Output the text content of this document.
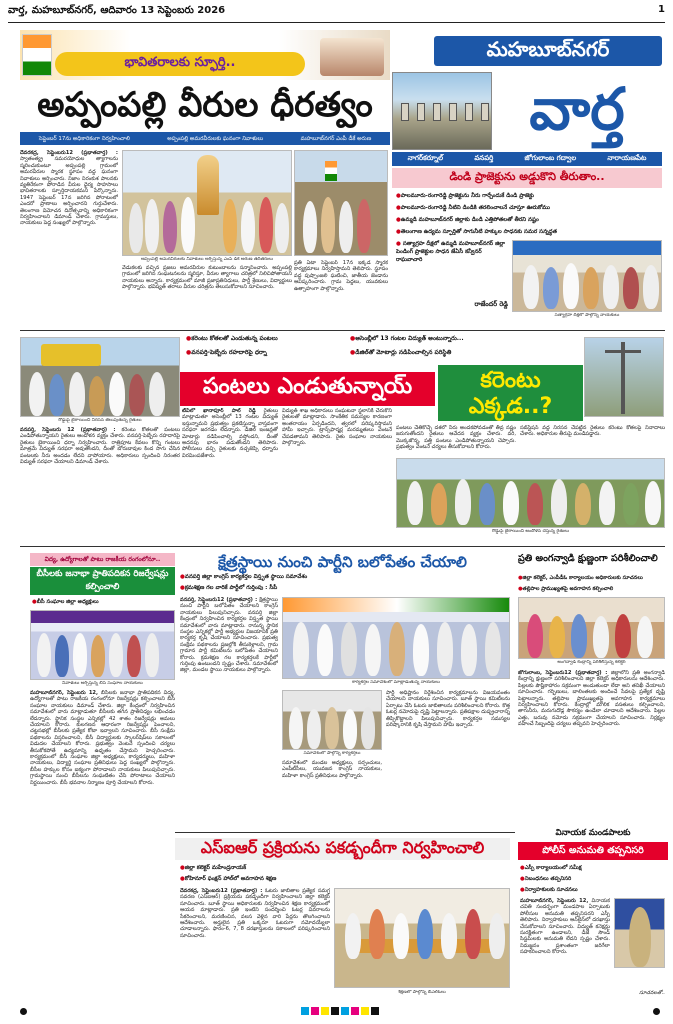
వార్త, మహబూబ్‌నగర్, ఆదివారం 13 సెప్టెంబరు 2026	1
భావితరాలకు స్ఫూర్తి..
అప్పంపల్లి వీరుల ధీరత్వం
సెప్టెంబర్ 17ను అధికారికంగా నిర్వహించాలి	అప్పంపల్లి అమరవీరులకు ఘనంగా నివాళులు	మహబూబ్‌నగర్ ఎంపీ డీకే అరుణ
మహబూబ్‌నగర్
వార్త
నాగర్‌కర్నూల్	వనపర్తి	జోగులాంబ గద్వాల	నారాయణపేట

దేవరకద్ర, సెప్టెంబరు12 (ప్రభాతవార్త) : స్వాతంత్య్ర సమరయోధుల త్యాగాలను స్మరించుకుంటూ అప్పంపల్లి గ్రామంలో అమరవీరుల స్మారక స్థూపం వద్ద ఘనంగా నివాళులు అర్పించారు. నిజాం నిరంకుశ పాలనకు వ్యతిరేకంగా పోరాడిన వీరుల ధైర్య సాహసాలు భావితరాలకు స్ఫూర్తిదాయకమని పేర్కొన్నారు. 1947 సెప్టెంబర్ 17న జరిగిన పోరాటంలో ఎందరో ప్రాణాలు అర్పించారని గుర్తుచేశారు. తెలంగాణ విమోచన దినోత్సవాన్ని అధికారికంగా నిర్వహించాలని డిమాండ్ చేశారు. గ్రామస్తులు, నాయకులు పెద్ద సంఖ్యలో పాల్గొన్నారు.

అప్పంపల్లి అమరవీరులకు నివాళులు అర్పిస్తున్న ఎంపీ డీకే అరుణ తదితరులు

వేడుకలకు వచ్చిన ప్రజలు అమరవీరుల కుటుంబాలను సన్మానించారు. అప్పంపల్లి గ్రామంలో జరిగిన సంఘటనలను స్మరిస్తూ, వీరుల త్యాగాలు చరిత్రలో నిలిచిపోతాయని నాయకులు అన్నారు. కార్యక్రమంలో మాజీ ప్రజాప్రతినిధులు, పార్టీ శ్రేణులు, విద్యార్థులు పాల్గొన్నారు. భవిష్యత్ తరాలు వీరుల చరిత్రను తెలుసుకోవాలని సూచించారు.

ప్రతి ఏటా సెప్టెంబర్ 17న ఇక్కడ స్మారక కార్యక్రమాలు నిర్వహిస్తామని తెలిపారు. స్థూపం వద్ద పుష్పాంజలి ఘటించి, జాతీయ జెండాను ఆవిష్కరించారు. గ్రామ పెద్దలు, యువకులు ఉత్సాహంగా పాల్గొన్నారు.

డిండి ప్రాజెక్టును అడ్డుకొని తీరుతాం..
● పాలమూరు-రంగారెడ్డి ప్రాజెక్టును నీరు గార్చేందుకే డిండి ప్రాజెక్టు
● పాలమూరు-రంగారెడ్డి నీటిని డిండికి తరలించాలనే చూస్తూ ఊరుకోము
● ఉమ్మడి మహబూబ్‌నగర్ జిల్లాకు డిండి ఎత్తిపోతలతో తీరని నష్టం
● తెలంగాణ ఉద్యమ స్ఫూర్తితో సాగునీటి హక్కుల సాధనకు సమర సన్నద్ధత
● సత్యాగ్రహ దీక్షలో ఉమ్మడి మహబూబ్‌నగర్ జిల్లా పెండింగ్ ప్రాజెక్టుల సాధన జేఏసీ కన్వీనర్ రాఘవాచారి
రాజేందర్ రెడ్డి
సత్యాగ్రహ దీక్షలో పాల్గొన్న నాయకులు
● కరెంటు కోతలతో ఎండుతున్న పంటలు
● వనపర్తి-పెబ్బేరు రహదారిపై ధర్నా
● అసెంబ్లీలో 13 గంటల విద్యుత్ అంటున్నారు...
● డీజిల్‌తో మోటార్లు నడిపించాల్సిన పరిస్థితి
రోడ్డుపై బైఠాయించి నిరసన తెలుపుతున్న రైతులు
పంటలు ఎండుతున్నాయ్	కరెంటు ఎక్కడ..?

వనపర్తి, సెప్టెంబరు 12 (ప్రభాతవార్త) : కరెంటు కోతలతో పంటలు ఎండిపోతున్నాయని రైతులు ఆందోళన వ్యక్తం చేశారు. వనపర్తి-పెబ్బేరు రహదారిపై రైతులు బైఠాయించి ధర్నా నిర్వహించారు. రాత్రిపూట కేవలం కొన్ని గంటలు మాత్రమే విద్యుత్ సరఫరా అవుతోందని, దీంతో బోరుబావుల కింద సాగు చేసిన పంటలకు నీరు అందడం లేదని వాపోయారు. అధికారులు స్పందించి నిరంతర విద్యుత్ సరఫరా చేయాలని డిమాండ్ చేశారు.

టీవీలో ఖానాపూర్ పాల్ రెడ్డి రైతులు మాట్లాడుతూ అసెంబ్లీలో 13 గంటల విద్యుత్ ఇస్తున్నామని ప్రభుత్వం ప్రకటిస్తున్నా వాస్తవంగా సరఫరా జరగడం లేదన్నారు. డీజిల్ ఇంజన్లతో మోటార్లు నడిపించాల్సి వస్తోందని, దీంతో అదనపు భారం పడుతోందని తెలిపారు. పోలీసులు వచ్చి రైతులకు నచ్చజెప్పి ధర్నాను విరమింపజేశారు.

విద్యుత్ శాఖ అధికారులు సంఘటనా స్థలానికి చేరుకొని రైతులతో మాట్లాడారు. సాంకేతిక సమస్యల కారణంగా అంతరాయం ఏర్పడిందని, త్వరలో పరిష్కరిస్తామని హామీ ఇచ్చారు. ట్రాన్స్‌ఫార్మర్ల మరమ్మతులు వెంటనే చేపడతామని తెలిపారు. రైతు సంఘాల నాయకులు పాల్గొన్నారు.

పంటలు చేతికొచ్చే దశలో నీరు అందకపోవడంతో తీవ్ర నష్టం జరుగుతోందని రైతులు ఆవేదన వ్యక్తం చేశారు. వరి, మొక్కజొన్న, పత్తి పంటలు ఎండిపోతున్నాయని చెప్పారు. ప్రభుత్వం వెంటనే చర్యలు తీసుకోవాలని కోరారు.

సబ్‌స్టేషన్ వద్ద నిరసన చేపట్టిన రైతులు కరెంటు కోతలపై నినాదాలు చేశారు. అధికారుల తీరుపై మండిపడ్డారు.

రోడ్డుపై బైఠాయించి ఆందోళన చేస్తున్న రైతులు
విద్య, ఉద్యోగాలతో పాటు రాజకీయ రంగంలోనూ..
బీసీలకు జనాభా ప్రాతిపదికన రిజర్వేషన్లు కల్పించాలి
● బీసీ సంఘాల జిల్లా అధ్యక్షులు
నివాళులు అర్పిస్తున్న బీసీ సంఘాల నాయకులు

మహబూబ్‌నగర్, సెప్టెంబరు 12, బీసీలకు జనాభా ప్రాతిపదికన విద్య, ఉద్యోగాలతో పాటు రాజకీయ రంగంలోనూ రిజర్వేషన్లు కల్పించాలని బీసీ సంఘాల నాయకులు డిమాండ్ చేశారు. జిల్లా కేంద్రంలో నిర్వహించిన సమావేశంలో వారు మాట్లాడుతూ బీసీలకు తగిన ప్రాతినిధ్యం లభించడం లేదన్నారు. స్థానిక సంస్థల ఎన్నికల్లో 42 శాతం రిజర్వేషన్లు అమలు చేయాలని కోరారు. కులగణన ఆధారంగా రిజర్వేషన్లు పెంచాలని, చట్టసభల్లో బీసీలకు ప్రత్యేక కోటా ఇవ్వాలని సూచించారు. బీసీ సంక్షేమ పథకాలను విస్తరించాలని, బీసీ విద్యార్థులకు స్కాలర్‌షిప్‌లు సకాలంలో విడుదల చేయాలని కోరారు. ప్రభుత్వం వెంటనే స్పందించి చర్యలు తీసుకోకపోతే ఉద్యమాన్ని ఉధృతం చేస్తామని హెచ్చరించారు. కార్యక్రమంలో బీసీ సంఘాల జిల్లా అధ్యక్షులు, కార్యదర్శులు, మహిళా నాయకులు, విద్యార్థి సంఘాల ప్రతినిధులు పెద్ద సంఖ్యలో పాల్గొన్నారు. బీసీల హక్కుల కోసం ఐక్యంగా పోరాడాలని నాయకులు పిలుపునిచ్చారు. గ్రామస్థాయి నుంచి బీసీలను సంఘటితం చేసి పోరాటాలు చేయాలని నిర్ణయించారు. బీసీ భవనాల నిర్మాణం పూర్తి చేయాలని కోరారు.

క్షేత్రస్థాయి నుంచి పార్టీని బలోపేతం చేయాలి
● వనపర్తి జిల్లా కాంగ్రెస్ కార్యకర్తల విస్తృత స్థాయి సమావేశం
● క్రమశిక్షణ గల వారికే పార్టీలో గుర్తింపు : సీపీ

వనపర్తి, సెప్టెంబరు12 (ప్రభాతవార్త) : క్షేత్రస్థాయి నుంచి పార్టీని బలోపేతం చేయాలని కాంగ్రెస్ నాయకులు పిలుపునిచ్చారు. వనపర్తి జిల్లా కేంద్రంలో నిర్వహించిన కార్యకర్తల విస్తృత స్థాయి సమావేశంలో వారు మాట్లాడారు. రానున్న స్థానిక సంస్థల ఎన్నికల్లో పార్టీ అభ్యర్థుల విజయానికి ప్రతి కార్యకర్త కృషి చేయాలని సూచించారు. ప్రభుత్వ సంక్షేమ పథకాలను ప్రజల్లోకి తీసుకెళ్లాలని, గ్రామ గ్రామాన పార్టీ కమిటీలను బలోపేతం చేయాలని కోరారు. క్రమశిక్షణ గల కార్యకర్తలకే పార్టీలో గుర్తింపు ఉంటుందని స్పష్టం చేశారు. సమావేశంలో జిల్లా, మండల స్థాయి నాయకులు పాల్గొన్నారు.

కార్యకర్తల సమావేశంలో మాట్లాడుతున్న నాయకులు
సమావేశంలో పాల్గొన్న కార్యకర్తలు

పార్టీ అధిష్టానం నిర్దేశించిన కార్యక్రమాలను విజయవంతం చేయాలని నాయకులు సూచించారు. బూత్ స్థాయి కమిటీలను ఏర్పాటు చేసి ఓటరు జాబితాలను పరిశీలించాలని కోరారు. కొత్త ఓటర్ల నమోదుపై దృష్టి పెట్టాలన్నారు. ప్రతిపక్షాల దుష్ప్రచారాన్ని తిప్పికొట్టాలని పిలుపునిచ్చారు. కార్యకర్తల సమస్యల పరిష్కారానికి కృషి చేస్తామని హామీ ఇచ్చారు.

సమావేశంలో మండల అధ్యక్షులు, సర్పంచులు, ఎంపీటీసీలు, యువజన కాంగ్రెస్ నాయకులు, మహిళా కాంగ్రెస్ ప్రతినిధులు పాల్గొన్నారు.

ప్రతి అంగన్వాడి క్షుణ్ణంగా పరిశీలించాలి
● జిల్లా కలెక్టర్, ఎంపీడీఓ కార్యాలయం అధికారులకు సూచనలు
● తల్లిపాల ప్రాముఖ్యతపై అవగాహన కల్పించాలి
అంగన్వాడీ కేంద్రాన్ని పరిశీలిస్తున్న కలెక్టర్

జోగులాంబ, సెప్టెంబరు12 (ప్రభాతవార్త) : జిల్లాలోని ప్రతి అంగన్వాడీ కేంద్రాన్ని క్షుణ్ణంగా పరిశీలించాలని జిల్లా కలెక్టర్ అధికారులను ఆదేశించారు. పిల్లలకు పౌష్టికాహారం సక్రమంగా అందుతుందా లేదా అని తనిఖీ చేయాలని సూచించారు. గర్భిణులు, బాలింతలకు అందించే సేవలపై ప్రత్యేక దృష్టి పెట్టాలన్నారు. తల్లిపాల ప్రాముఖ్యతపై అవగాహన కార్యక్రమాలు నిర్వహించాలని కోరారు. కేంద్రాల్లో మౌలిక వసతులు కల్పించాలని, తాగునీరు, మరుగుదొడ్ల సౌకర్యం ఉండేలా చూడాలని ఆదేశించారు. పిల్లల ఎత్తు, బరువు నమోదు సక్రమంగా చేయాలని సూచించారు. నిర్లక్ష్యం వహించే సిబ్బందిపై చర్యలు తప్పవని హెచ్చరించారు.

ఎస్ఐఆర్ ప్రక్రియను పకడ్బందీగా నిర్వహించాలి
● జిల్లా కలెక్టర్ మహేంద్రనాయక్
● కోహినూర్ ఫంక్షన్ హాల్‌లో అవగాహన శిక్షణ

దేవరకద్ర, సెప్టెంబరు12 (ప్రభాతవార్త) : ఓటరు జాబితాల ప్రత్యేక సమగ్ర సవరణ (ఎస్ఐఆర్) ప్రక్రియను పకడ్బందీగా నిర్వహించాలని జిల్లా కలెక్టర్ సూచించారు. బూత్ స్థాయి అధికారులకు నిర్వహించిన శిక్షణ కార్యక్రమంలో ఆయన మాట్లాడారు. ప్రతి ఇంటిని సందర్శించి ఓటర్ల వివరాలను సేకరించాలని, మరణించిన, వలస వెళ్లిన వారి పేర్లను తొలగించాలని ఆదేశించారు. అర్హులైన ప్రతి ఒక్కరూ ఓటరుగా నమోదయ్యేలా చూడాలన్నారు. ఫారం-6, 7, 8 దరఖాస్తులను సకాలంలో పరిష్కరించాలని సూచించారు.

శిక్షణలో పాల్గొన్న బీఎల్ఓలు
వినాయక మండపాలకు
పోలీస్ అనుమతి తప్పనిసరి
● ఎస్పీ కార్యాలయంలో సమీక్ష
● నిబంధనలు తప్పనిసరి
● నిర్వాహకులకు సూచనలు

మహబూబ్‌నగర్, సెప్టెంబరు 12, వినాయక చవితి సందర్భంగా మండపాల ఏర్పాటుకు పోలీసుల అనుమతి తప్పనిసరని ఎస్పీ తెలిపారు. నిర్వాహకులు ఆన్‌లైన్‌లో దరఖాస్తు చేసుకోవాలని సూచించారు. విద్యుత్ కనెక్షన్లు సురక్షితంగా ఉండాలని, డీజే సౌండ్ సిస్టమ్‌లకు అనుమతి లేదని స్పష్టం చేశారు. నిమజ్జనం ప్రశాంతంగా జరిగేలా సహకరించాలని కోరారు.

సూచనలతో..
